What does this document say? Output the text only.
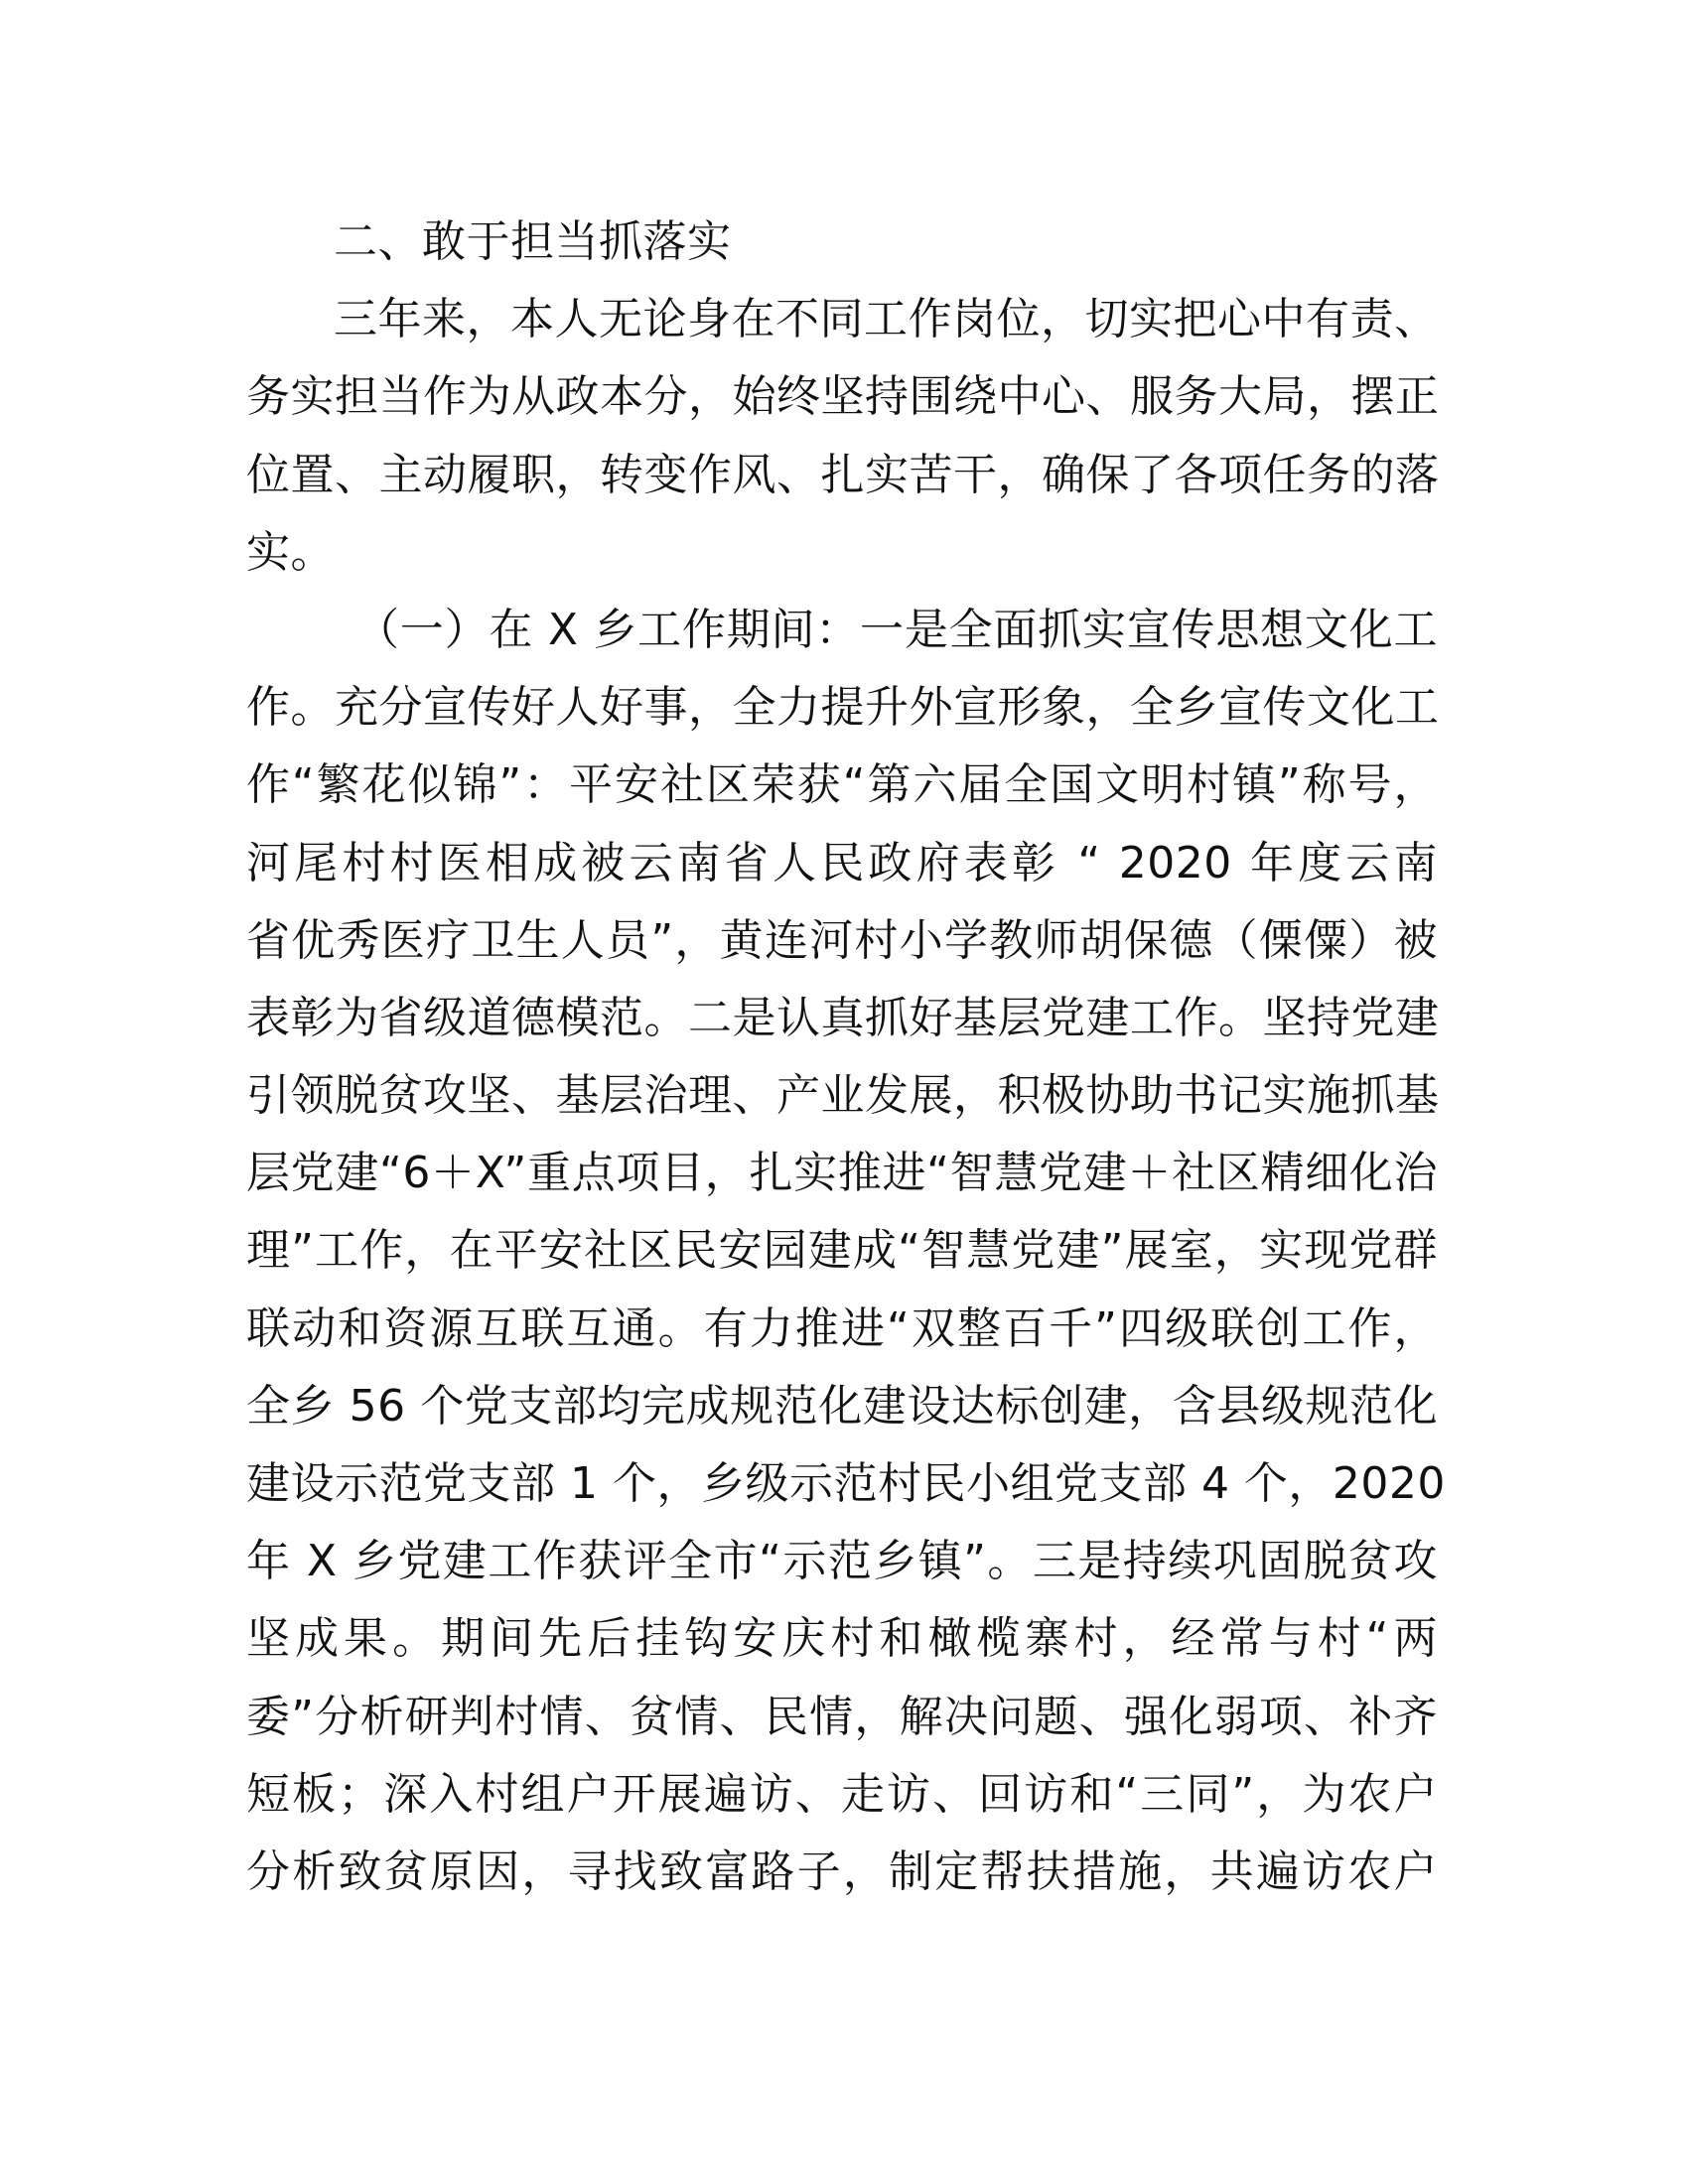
二、敢于担当抓落实
三年来，本人无论身在不同工作岗位，切实把心中有责、
务实担当作为从政本分，始终坚持围绕中心、服务大局，摆正
位置、主动履职，转变作风、扎实苦干，确保了各项任务的落
实。
（一）在 X 乡工作期间：一是全面抓实宣传思想文化工
作。充分宣传好人好事，全力提升外宣形象，全乡宣传文化工
作“繁花似锦”：平安社区荣获“第六届全国文明村镇”称号，
河尾村村医相成被云南省人民政府表彰 “ 2020 年度云南
省优秀医疗卫生人员”，黄连河村小学教师胡保德（傈僳）被
表彰为省级道德模范。二是认真抓好基层党建工作。坚持党建
引领脱贫攻坚、基层治理、产业发展，积极协助书记实施抓基
层党建“6＋X”重点项目，扎实推进“智慧党建＋社区精细化治
理”工作，在平安社区民安园建成“智慧党建”展室，实现党群
联动和资源互联互通。有力推进“双整百千”四级联创工作，
全乡 56 个党支部均完成规范化建设达标创建，含县级规范化
建设示范党支部 1 个，乡级示范村民小组党支部 4 个，2020
年 X 乡党建工作获评全市“示范乡镇”。三是持续巩固脱贫攻
坚成果。期间先后挂钩安庆村和橄榄寨村，经常与村“两
委”分析研判村情、贫情、民情，解决问题、强化弱项、补齐
短板；深入村组户开展遍访、走访、回访和“三同”，为农户
分析致贫原因，寻找致富路子，制定帮扶措施，共遍访农户
